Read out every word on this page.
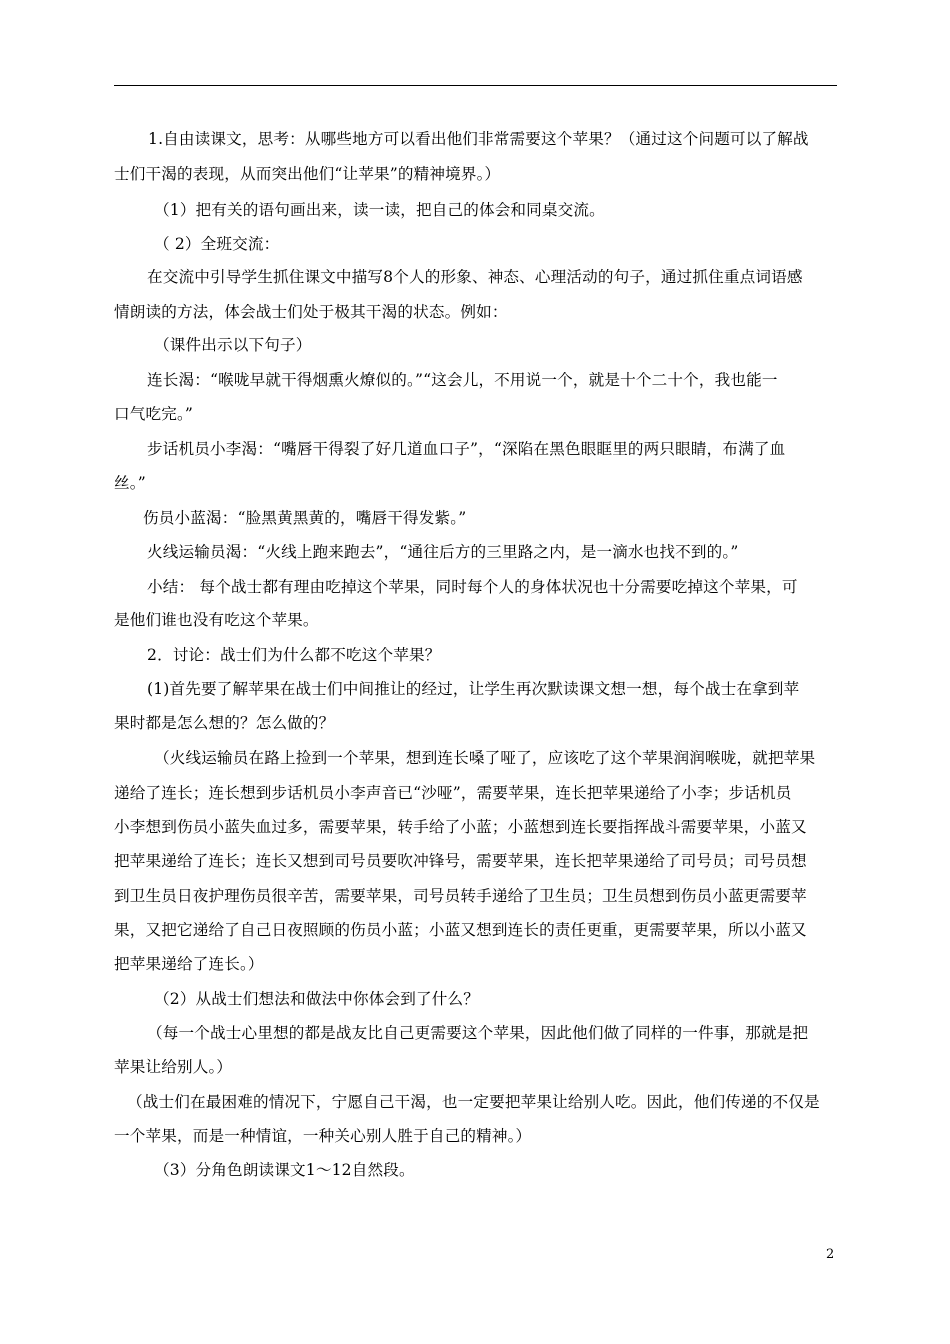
1.自由读课文，思考：从哪些地方可以看出他们非常需要这个苹果？（通过这个问题可以了解战
士们干渴的表现，从而突出他们“让苹果”的精神境界。）
（1）把有关的语句画出来，读一读，把自己的体会和同桌交流。
（ 2）全班交流：
在交流中引导学生抓住课文中描写8个人的形象、神态、心理活动的句子，通过抓住重点词语感
情朗读的方法，体会战士们处于极其干渴的状态。例如：
（课件出示以下句子）
连长渴：“喉咙早就干得烟熏火燎似的。”“这会儿，不用说一个，就是十个二十个，我也能一
口气吃完。”
步话机员小李渴：“嘴唇干得裂了好几道血口子”，“深陷在黑色眼眶里的两只眼睛，布满了血
丝。”
伤员小蓝渴：“脸黑黄黑黄的，嘴唇干得发紫。”
火线运输员渴：“火线上跑来跑去”，“通往后方的三里路之内，是一滴水也找不到的。”
小结： 每个战士都有理由吃掉这个苹果，同时每个人的身体状况也十分需要吃掉这个苹果，可
是他们谁也没有吃这个苹果。
2．讨论：战士们为什么都不吃这个苹果？
(1)首先要了解苹果在战士们中间推让的经过，让学生再次默读课文想一想，每个战士在拿到苹
果时都是怎么想的？怎么做的？
（火线运输员在路上捡到一个苹果，想到连长嗓了哑了，应该吃了这个苹果润润喉咙，就把苹果
递给了连长；连长想到步话机员小李声音已“沙哑”，需要苹果，连长把苹果递给了小李；步话机员
小李想到伤员小蓝失血过多，需要苹果，转手给了小蓝；小蓝想到连长要指挥战斗需要苹果，小蓝又
把苹果递给了连长；连长又想到司号员要吹冲锋号，需要苹果，连长把苹果递给了司号员；司号员想
到卫生员日夜护理伤员很辛苦，需要苹果，司号员转手递给了卫生员；卫生员想到伤员小蓝更需要苹
果，又把它递给了自己日夜照顾的伤员小蓝；小蓝又想到连长的责任更重，更需要苹果，所以小蓝又
把苹果递给了连长。）
（2）从战士们想法和做法中你体会到了什么？
（每一个战士心里想的都是战友比自己更需要这个苹果，因此他们做了同样的一件事，那就是把
苹果让给别人。）
（战士们在最困难的情况下，宁愿自己干渴，也一定要把苹果让给别人吃。因此，他们传递的不仅是
一个苹果，而是一种情谊，一种关心别人胜于自己的精神。）
（3）分角色朗读课文1～12自然段。
2
